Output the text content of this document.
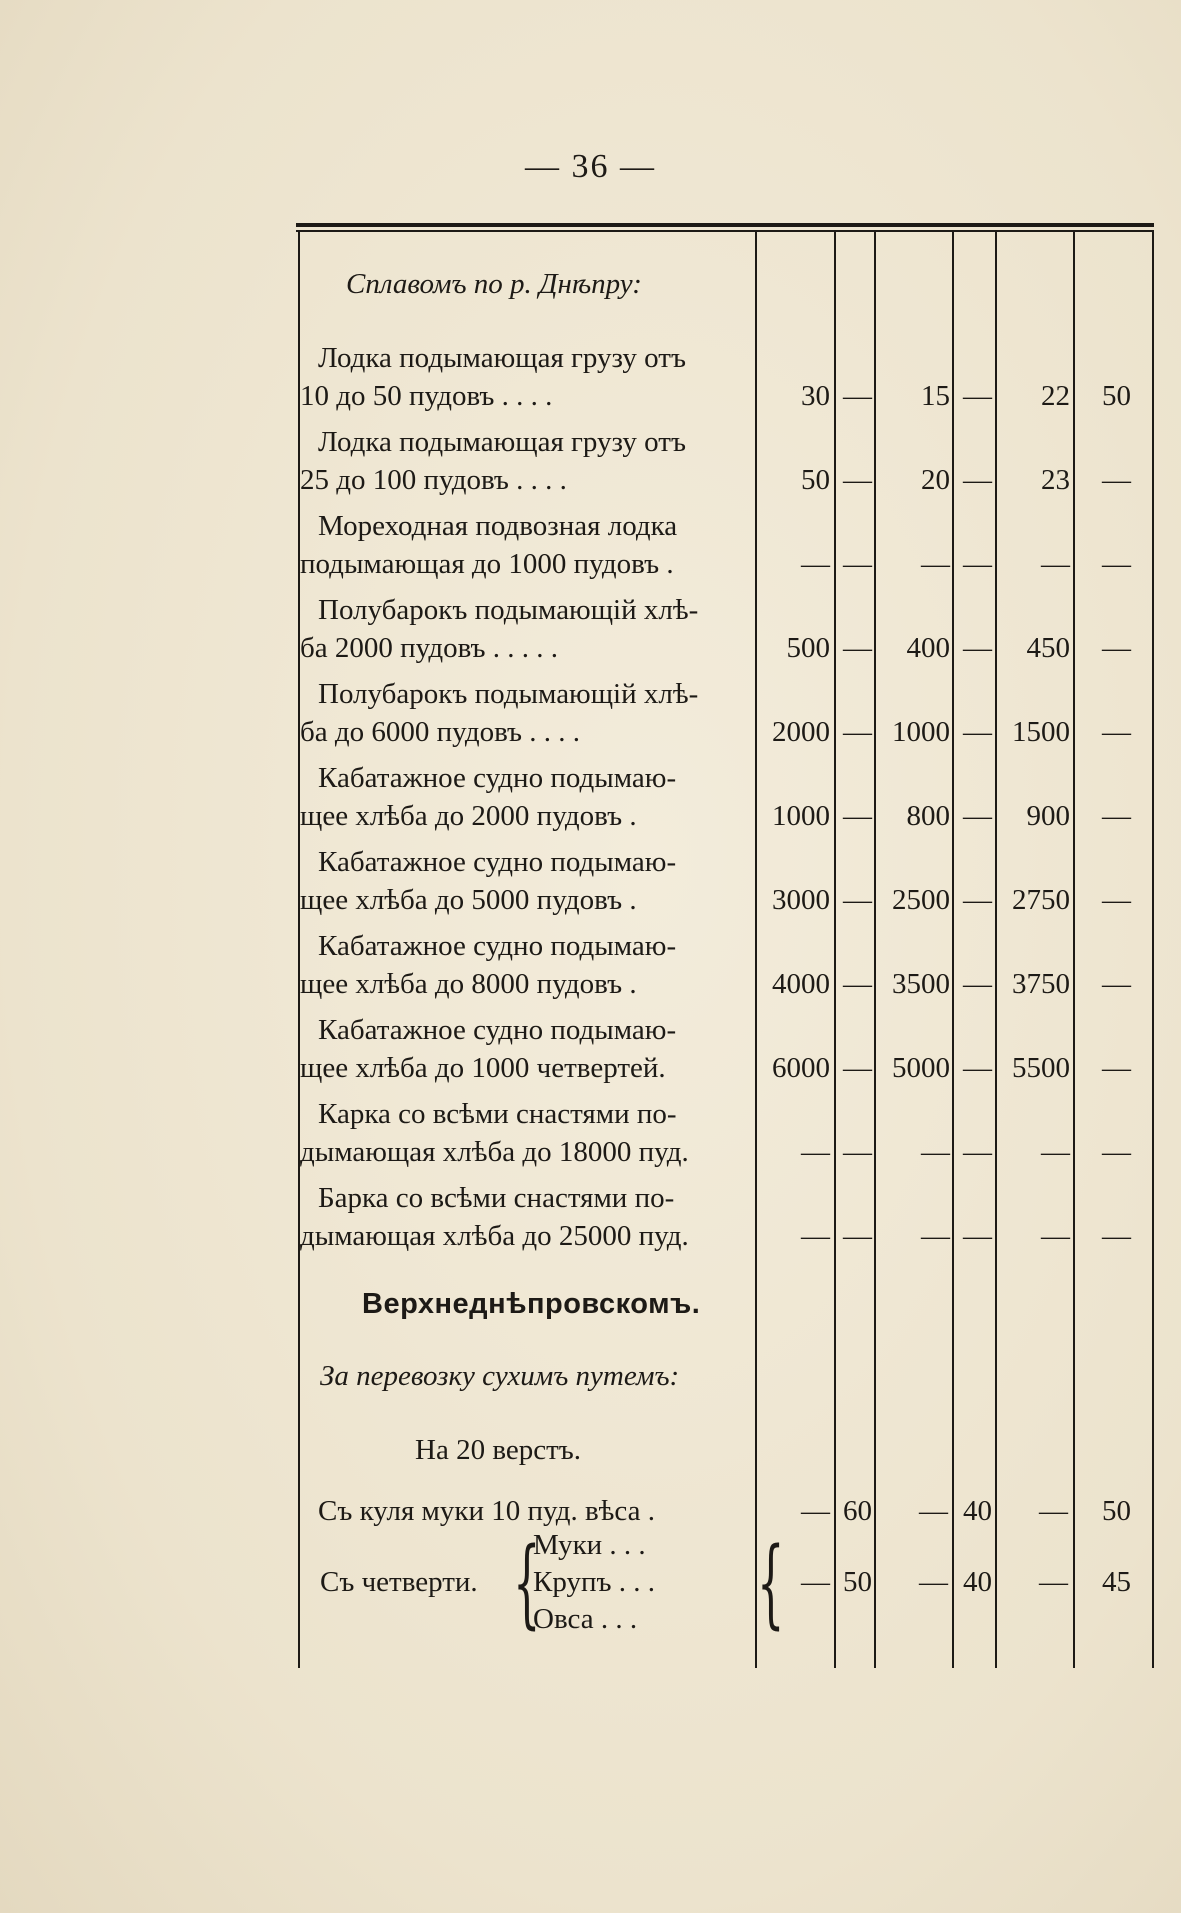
— 36 —
Сплавомъ по р. Днѣпру:
Лодка подымающая грузу отъ
10 до 50 пудовъ . . . .	30 —	15 —	22	50
Лодка подымающая грузу отъ
25 до 100 пудовъ . . . .	50 —	20 —	23	—
Мореходная подвозная лодка
подымающая до 1000 пудовъ .	— —	— —	—	—
Полубарокъ подымающій хлѣ-
ба 2000 пудовъ . . . . .	500 —	400 —	450	—
Полубарокъ подымающій хлѣ-
ба до 6000 пудовъ . . . .	2000 — 1000 — 1500	—
Кабатажное судно подымаю-
щее хлѣба до 2000 пудовъ .	1000 —	800 —	900	—
Кабатажное судно подымаю-
щее хлѣба до 5000 пудовъ .	3000 — 2500 — 2750	—
Кабатажное судно подымаю-
щее хлѣба до 8000 пудовъ .	4000 — 3500 — 3750	—
Кабатажное судно подымаю-
щее хлѣба до 1000 четвертей.	6000 — 5000 — 5500	—
Карка со всѣми снастями по-
дымающая хлѣба до 18000 пуд.	— —	— —	—	—
Барка со всѣми снастями по-
дымающая хлѣба до 25000 пуд.	— —	— —	—	—
Верхнеднѣпровскомъ.
За перевозку сухимъ путемъ:
На 20 верстъ.
Съ куля муки 10 пуд. вѣса .	— 60	— 40	—	50
Съ четверти. {
Муки . . .
Крупъ . . .
Овса . . .	{ — 50	— 40	—	45
